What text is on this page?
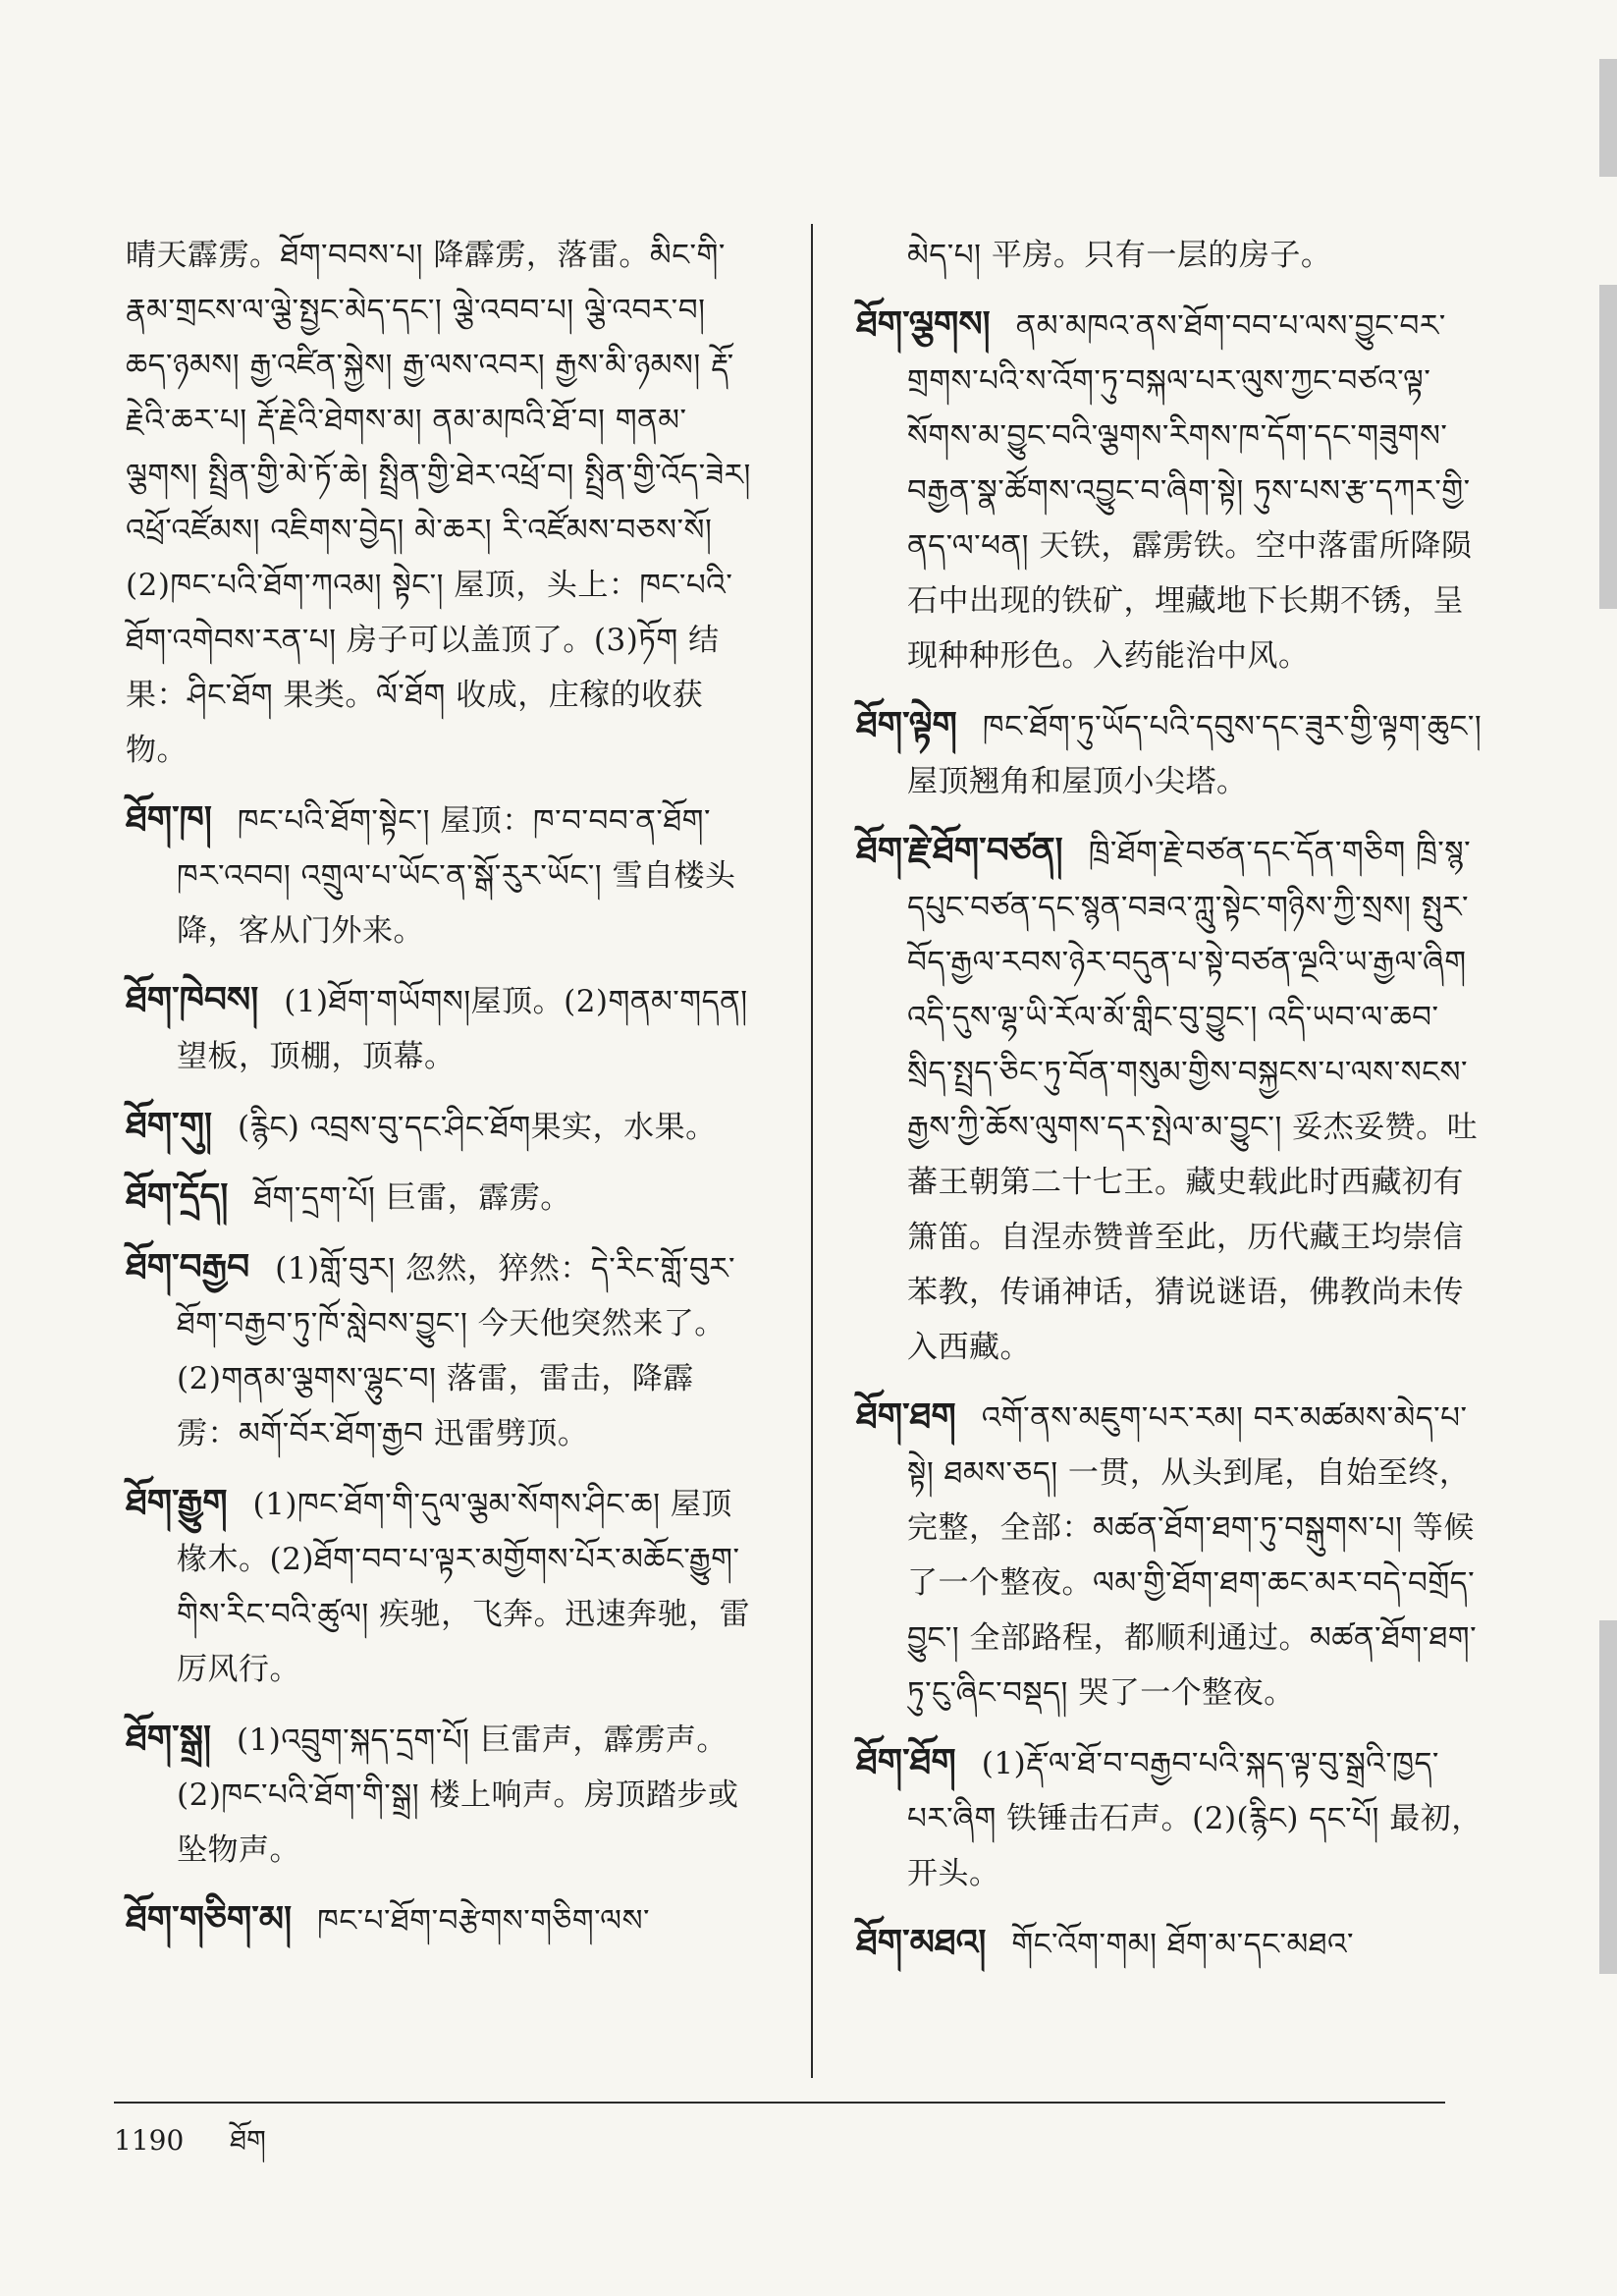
晴天霹雳。ཐོག་བབས་པ། 降霹雳，落雷。མིང་གི་རྣམ་གྲངས་ལ་ལྕེ་སྤྱང་མེད་དང་། ལྕེ་འབབ་པ། ལྕེ་འབར་བ། ཆད་ཉམས། རྒྱ་འཛིན་སྐྱེས། རྒྱ་ལས་འབར། རྒྱས་མི་ཉམས། རྡོ་རྗེའི་ཆར་པ། རྡོ་རྗེའི་ཐེགས་མ། ནམ་མཁའི་ཐོ་བ། གནམ་ལྕགས། སྤྲིན་གྱི་མེ་ཏོ་ཆེ། སྤྲིན་གྱི་ཐེར་འཕྲོ་བ། སྤྲིན་གྱི་འོད་ཟེར། འཕྲོ་འཛོམས། འཇིགས་བྱེད། མེ་ཆར། རི་འཛོམས་བཅས་སོ། (2)ཁང་པའི་ཐོག་ཀའམ། སྟེང་། 屋顶，头上：ཁང་པའི་ཐོག་འགེབས་རན་པ། 房子可以盖顶了。(3)ཏོག 结果：ཤིང་ཐོག 果类。ལོ་ཐོག 收成，庄稼的收获物。
ཐོག་ཁ། ཁང་པའི་ཐོག་སྟེང་། 屋顶：ཁ་བ་བབ་ན་ཐོག་ཁར་འབབ། འགྲུལ་པ་ཡོང་ན་སྒོ་རུར་ཡོང་། 雪自楼头降，客从门外来。
ཐོག་ཁེབས། (1)ཐོག་གཡོགས།屋顶。(2)གནམ་གདན། 望板，顶棚，顶幕。
ཐོག་གུ། (རྙིང) འབྲས་བུ་དང་ཤིང་ཐོག果实，水果。
ཐོག་དྲོད། ཐོག་དྲག་པོ། 巨雷，霹雳。
ཐོག་བརྒྱབ (1)གློ་བུར། 忽然，猝然：དེ་རིང་གློ་བུར་ཐོག་བརྒྱབ་ཏུ་ཁོ་སླེབས་བྱུང་། 今天他突然来了。(2)གནམ་ལྕགས་ལྷུང་བ། 落雷，雷击，降霹雳：མགོ་བོར་ཐོག་རྒྱབ 迅雷劈顶。
ཐོག་རྒྱུག (1)ཁང་ཐོག་གི་དུལ་ལྕམ་སོགས་ཤིང་ཆ། 屋顶椽木。(2)ཐོག་བབ་པ་ལྟར་མགྱོགས་པོར་མཆོང་རྒྱུག་གིས་རིང་བའི་ཚུལ། 疾驰，飞奔。迅速奔驰，雷厉风行。
ཐོག་སྒྲ། (1)འབྲུག་སྐད་དྲག་པོ། 巨雷声，霹雳声。(2)ཁང་པའི་ཐོག་གི་སྒྲ། 楼上响声。房顶踏步或坠物声。
ཐོག་གཅིག་མ། ཁང་པ་ཐོག་བརྩེགས་གཅིག་ལས་
མེད་པ། 平房。只有一层的房子。
ཐོག་ལྕགས། ནམ་མཁའ་ནས་ཐོག་བབ་པ་ལས་བྱུང་བར་གྲགས་པའི་ས་འོག་ཏུ་བསྐལ་པར་ལུས་ཀྱང་བཙའ་ལྟ་སོགས་མ་བྱུང་བའི་ལྕགས་རིགས་ཁ་དོག་དང་གཟུགས་བརྒྱན་སྣ་ཚོགས་འབྱུང་བ་ཞིག་སྟེ། ཏུས་པས་རྩ་དཀར་གྱི་ནད་ལ་ཕན། 天铁，霹雳铁。空中落雷所降陨石中出现的铁矿，埋藏地下长期不锈，呈现种种形色。入药能治中风。
ཐོག་ལྟེག ཁང་ཐོག་ཏུ་ཡོད་པའི་དབུས་དང་ཟུར་གྱི་ལྟག་ཆུང་། 屋顶翘角和屋顶小尖塔。
ཐོག་རྗེ་ཐོག་བཙན། ཁྲི་ཐོག་རྗེ་བཙན་དང་དོན་གཅིག ཁྲི་སྙ་དཔུང་བཙན་དང་སྙན་བཟའ་ཀླུ་སྟེང་གཉིས་ཀྱི་སྲས། སྤུར་བོད་རྒྱལ་རབས་ཉེར་བདུན་པ་སྟེ་བཙན་ལྔའི་ཡ་རྒྱལ་ཞིག འདི་དུས་ལྷ་ཡི་རོལ་མོ་གླིང་བུ་བྱུང་། འདི་ཡབ་ལ་ཆབ་སྲིད་སྤྲད་ཅིང་ཏུ་བོན་གསུམ་གྱིས་བསྐྱངས་པ་ལས་སངས་རྒྱས་ཀྱི་ཆོས་ལུགས་དར་སྤེལ་མ་བྱུང་། 妥杰妥赞。吐蕃王朝第二十七王。藏史载此时西藏初有箫笛。自涅赤赞普至此，历代藏王均崇信苯教，传诵神话，猜说谜语，佛教尚未传入西藏。
ཐོག་ཐག འགོ་ནས་མཇུག་པར་རམ། བར་མཚམས་མེད་པ་སྟེ། ཐམས་ཅད། 一贯，从头到尾，自始至终，完整，全部：མཚན་ཐོག་ཐག་ཏུ་བསྒུགས་པ། 等候了一个整夜。ལམ་གྱི་ཐོག་ཐག་ཆང་མར་བདེ་བགྲོད་བྱུང་། 全部路程，都顺利通过。མཚན་ཐོག་ཐག་ཏུ་ངུ་ཞིང་བསྡད། 哭了一个整夜。
ཐོག་ཐོག (1)རྡོ་ལ་ཐོ་བ་བརྒྱབ་པའི་སྐད་ལྟ་བུ་སྒྲའི་ཁྱད་པར་ཞིག 铁锤击石声。(2)(རྙིང) དང་པོ། 最初，开头。
ཐོག་མཐའ། གོང་འོག་གམ། ཐོག་མ་དང་མཐའ་
1190 ཐོག
